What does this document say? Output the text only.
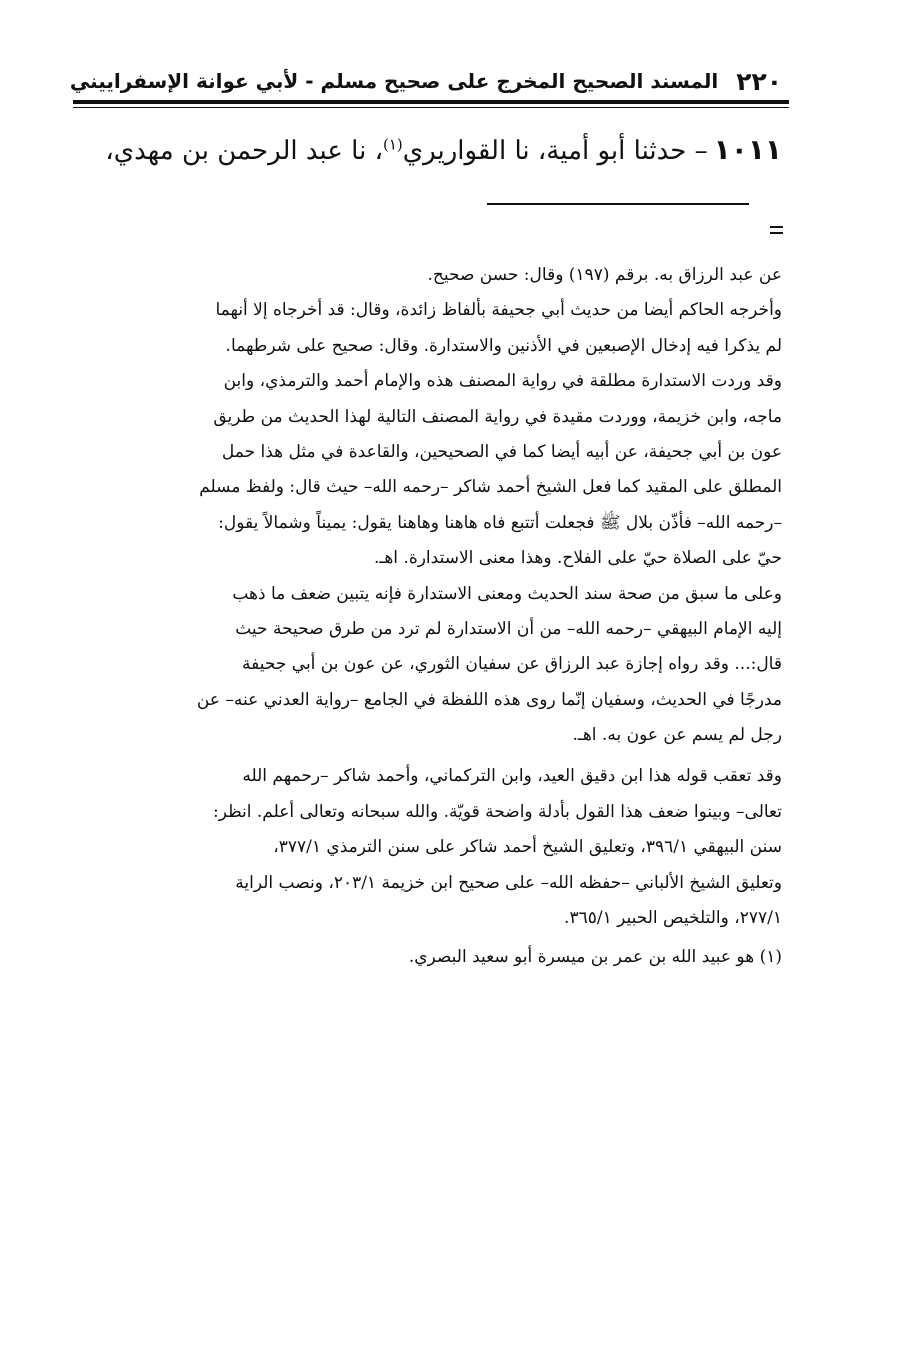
٢٢٠
المسند الصحيح المخرج على صحيح مسلم - لأبي عوانة الإسفراييني
١٠١١– حدثنا أبو أمية، نا القواريري$^{(١)}$، نا عبد الرحمن بن مهدي،
عن عبد الرزاق به. برقم (١٩٧) وقال: حسن صحيح.
وأخرجه الحاكم أيضا من حديث أبي جحيفة بألفاظ زائدة، وقال: قد أخرجاه إلا أنهما
لم يذكرا فيه إدخال الإصبعين في الأذنين والاستدارة. وقال: صحيح على شرطهما.
وقد وردت الاستدارة مطلقة في رواية المصنف هذه والإمام أحمد والترمذي، وابن
ماجه، وابن خزيمة، ووردت مقيدة في رواية المصنف التالية لهذا الحديث من طريق
عون بن أبي جحيفة، عن أبيه أيضا كما في الصحيحين، والقاعدة في مثل هذا حمل
المطلق على المقيد كما فعل الشيخ أحمد شاكر –رحمه الله– حيث قال: ولفظ مسلم
–رحمه الله– فأذّن بلال ﷺ فجعلت أتتبع فاه هاهنا وهاهنا يقول: يميناً وشمالاً يقول:
حيّ على الصلاة حيّ على الفلاح. وهذا معنى الاستدارة. اهـ.
وعلى ما سبق من صحة سند الحديث ومعنى الاستدارة فإنه يتبين ضعف ما ذهب
إليه الإمام البيهقي –رحمه الله– من أن الاستدارة لم ترد من طرق صحيحة حيث
قال:... وقد رواه إجازة عبد الرزاق عن سفيان الثوري، عن عون بن أبي جحيفة
مدرجًا في الحديث، وسفيان إنّما روى هذه اللفظة في الجامع –رواية العدني عنه– عن
رجل لم يسم عن عون به. اهـ.
وقد تعقب قوله هذا ابن دقيق العيد، وابن التركماني، وأحمد شاكر –رحمهم الله
تعالى– وبينوا ضعف هذا القول بأدلة واضحة قويّة. والله سبحانه وتعالى أعلم. انظر:
سنن البيهقي ٣٩٦/١، وتعليق الشيخ أحمد شاكر على سنن الترمذي ٣٧٧/١،
وتعليق الشيخ الألباني –حفظه الله– على صحيح ابن خزيمة ٢٠٣/١، ونصب الراية
٢٧٧/١، والتلخيص الحبير ٣٦٥/١.
(١) هو عبيد الله بن عمر بن ميسرة أبو سعيد البصري.
